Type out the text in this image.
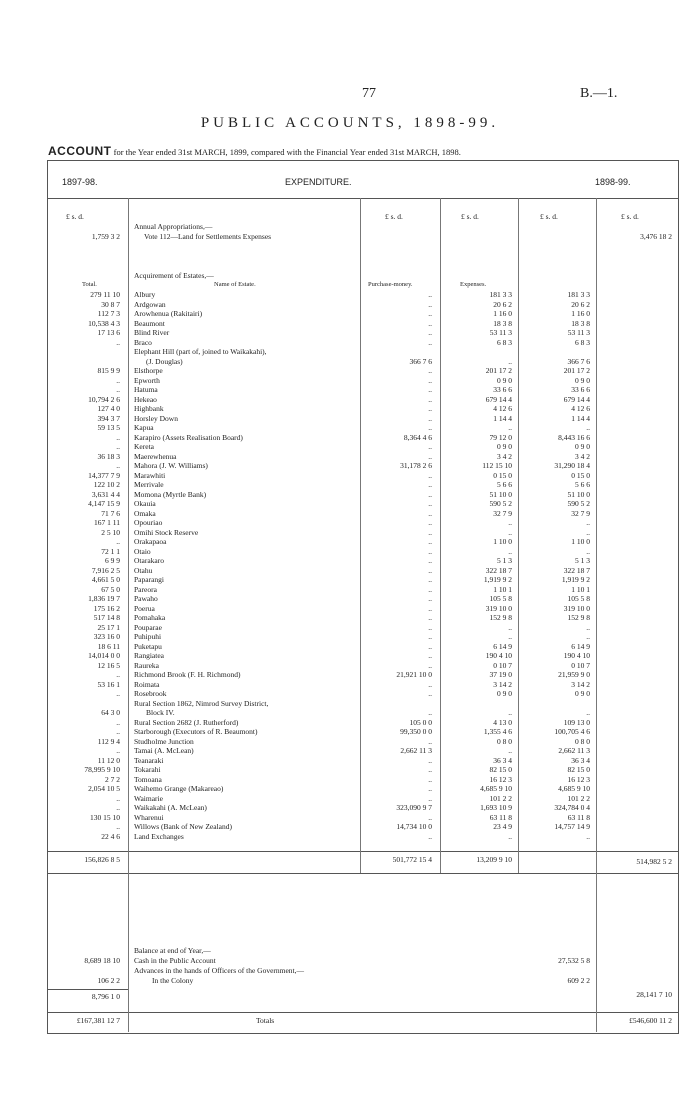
77	B.—1.
PUBLIC ACCOUNTS, 1898-99.
ACCOUNT for the Year ended 31st MARCH, 1899, compared with the Financial Year ended 31st MARCH, 1898.
1897-98.	EXPENDITURE.	1898-99.
£ s. d.	£ s. d.	£ s. d.	£ s. d.	£ s. d.
Annual Appropriations,—
Vote 112—Land for Settlements Expenses
1,759 3 2	3,476 18 2
Acquirement of Estates,—
Total.	Name of Estate.	Purchase-money.	Expenses.
279 11 10 Albury	..	181 3 3	181 3 3
30 8 7 Ardgowan	..	20 6 2	20 6 2
112 7 3 Arowhenua (Rakitairi)	..	1 16 0	1 16 0
10,538 4 3 Beaumont	..	18 3 8	18 3 8
17 13 6 Blind River	..	53 11 3	53 11 3
.. Braco	..	6 8 3	6 8 3
Elephant Hill (part of, joined to Waikakahi),
(J. Douglas)	366 7 6	..	366 7 6
815 9 9 Elsthorpe	..	201 17 2	201 17 2
.. Epworth	..	0 9 0	0 9 0
.. Hatuma	..	33 6 6	33 6 6
10,794 2 6 Hekeao	..	679 14 4	679 14 4
127 4 0 Highbank	..	4 12 6	4 12 6
394 3 7 Horsley Down	..	1 14 4	1 14 4
59 13 5 Kapua	..	..	..
.. Karapiro (Assets Realisation Board)	8,364 4 6	79 12 0	8,443 16 6
.. Kereta	..	0 9 0	0 9 0
36 18 3 Maerewhenua	..	3 4 2	3 4 2
.. Mahora (J. W. Williams)	31,178 2 6	112 15 10	31,290 18 4
14,377 7 9 Marawhiti	..	0 15 0	0 15 0
122 10 2 Merrivale	..	5 6 6	5 6 6
3,631 4 4 Momona (Myrtle Bank)	..	51 10 0	51 10 0
4,147 15 9 Okauia	..	590 5 2	590 5 2
71 7 6 Omaka	..	32 7 9	32 7 9
167 1 11 Opouriao	..	..	..
2 5 10 Omihi Stock Reserve	..	..	..
.. Orakapaoa	..	1 10 0	1 10 0
72 1 1 Otaio	..	..	..
6 9 9 Otarakaro	..	5 1 3	5 1 3
7,916 2 5 Otahu	..	322 18 7	322 18 7
4,661 5 0 Paparangi	..	1,919 9 2	1,919 9 2
67 5 0 Pareora	..	1 10 1	1 10 1
1,836 19 7 Pawaho	..	105 5 8	105 5 8
175 16 2 Poerua	..	319 10 0	319 10 0
517 14 8 Pomahaka	..	152 9 8	152 9 8
25 17 1 Pouparae	..	..	..
323 16 0 Puhipuhi	..	..	..
18 6 11 Puketapu	..	6 14 9	6 14 9
14,014 0 0 Rangiatea	..	190 4 10	190 4 10
12 16 5 Raureka	..	0 10 7	0 10 7
.. Richmond Brook (F. H. Richmond)	21,921 10 0	37 19 0	21,959 9 0
53 16 1 Roimata	..	3 14 2	3 14 2
.. Rosebrook	..	0 9 0	0 9 0
Rural Section 1862, Nimrod Survey District,
64 3 0	Block IV.	..	..	..
.. Rural Section 2682 (J. Rutherford)	105 0 0	4 13 0	109 13 0
.. Starborough (Executors of R. Beaumont)	99,350 0 0	1,355 4 6	100,705 4 6
112 9 4 Studholme Junction	..	0 8 0	0 8 0
.. Tamai (A. McLean)	2,662 11 3	..	2,662 11 3
11 12 0 Teanaraki	..	36 3 4	36 3 4
78,995 9 10 Tokarahi	..	82 15 0	82 15 0
2 7 2 Tomoana	..	16 12 3	16 12 3
2,054 10 5 Waihemo Grange (Makareao)	..	4,685 9 10	4,685 9 10
.. Waimarie	..	101 2 2	101 2 2
.. Waikakahi (A. McLean)	323,090 9 7	1,693 10 9	324,784 0 4
130 15 10 Wharenui	..	63 11 8	63 11 8
.. Willows (Bank of New Zealand)	14,734 10 0	23 4 9	14,757 14 9
22 4 6 Land Exchanges	..	..	..
156,826 8 5	501,772 15 4	13,209 9 10	514,982 5 2
Balance at end of Year,—
Cash in the Public Account
8,689 18 10	27,532 5 8
Advances in the hands of Officers of the Government,—
In the Colony
106 2 2	609 2 2
8,796 1 0	28,141 7 10
Totals
£167,381 12 7	£546,600 11 2
